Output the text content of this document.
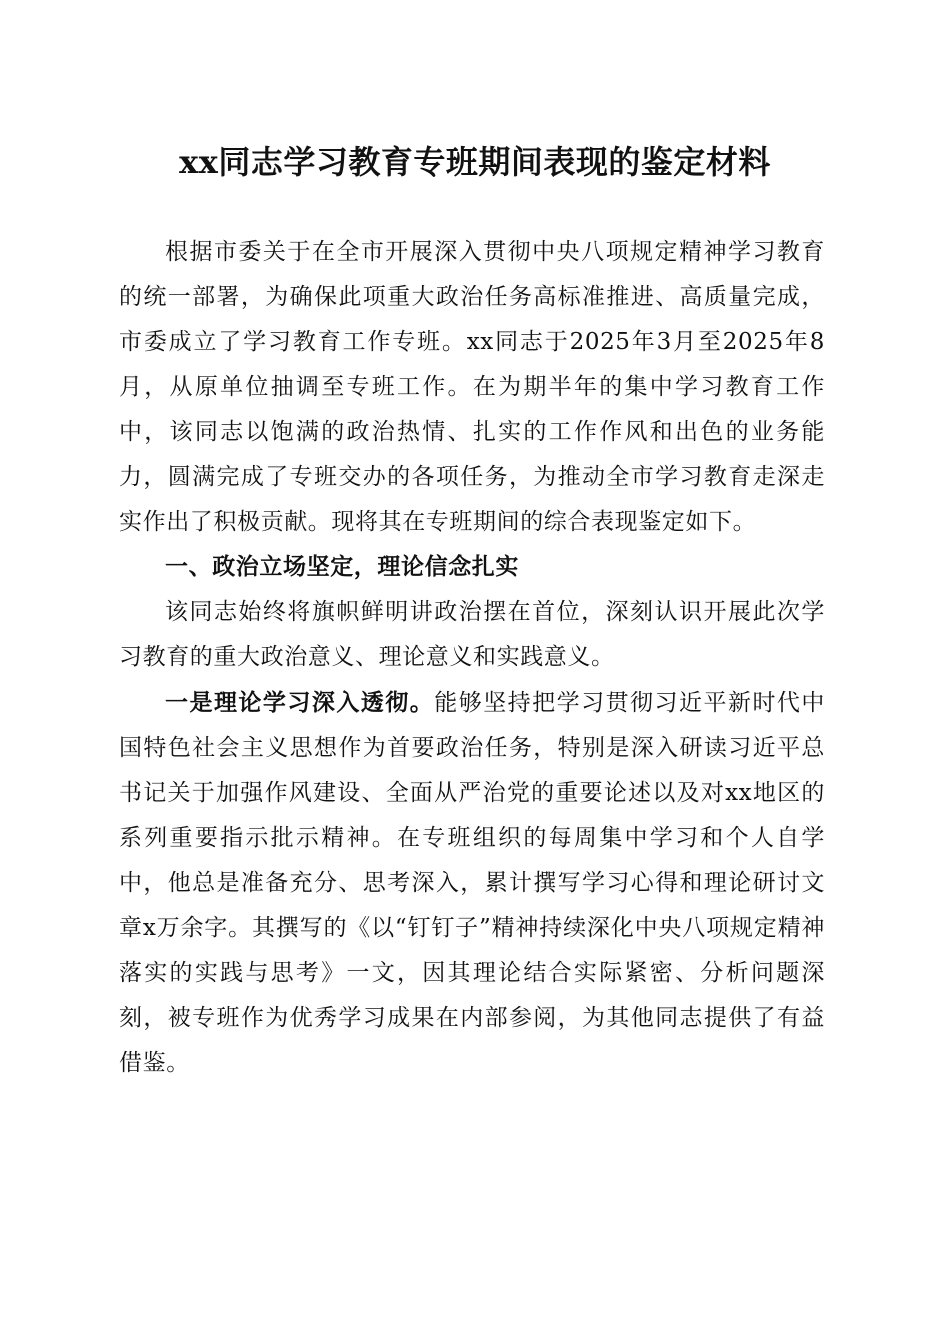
xx同志学习教育专班期间表现的鉴定材料

根据市委关于在全市开展深入贯彻中央八项规定精神学习教育的统一部署，为确保此项重大政治任务高标准推进、高质量完成，市委成立了学习教育工作专班。xx同志于2025年3月至2025年8月，从原单位抽调至专班工作。在为期半年的集中学习教育工作中，该同志以饱满的政治热情、扎实的工作作风和出色的业务能力，圆满完成了专班交办的各项任务，为推动全市学习教育走深走实作出了积极贡献。现将其在专班期间的综合表现鉴定如下。

一、政治立场坚定，理论信念扎实

该同志始终将旗帜鲜明讲政治摆在首位，深刻认识开展此次学习教育的重大政治意义、理论意义和实践意义。

一是理论学习深入透彻。能够坚持把学习贯彻习近平新时代中国特色社会主义思想作为首要政治任务，特别是深入研读习近平总书记关于加强作风建设、全面从严治党的重要论述以及对xx地区的系列重要指示批示精神。在专班组织的每周集中学习和个人自学中，他总是准备充分、思考深入，累计撰写学习心得和理论研讨文章x万余字。其撰写的《以“钉钉子”精神持续深化中央八项规定精神落实的实践与思考》一文，因其理论结合实际紧密、分析问题深刻，被专班作为优秀学习成果在内部参阅，为其他同志提供了有益借鉴。
